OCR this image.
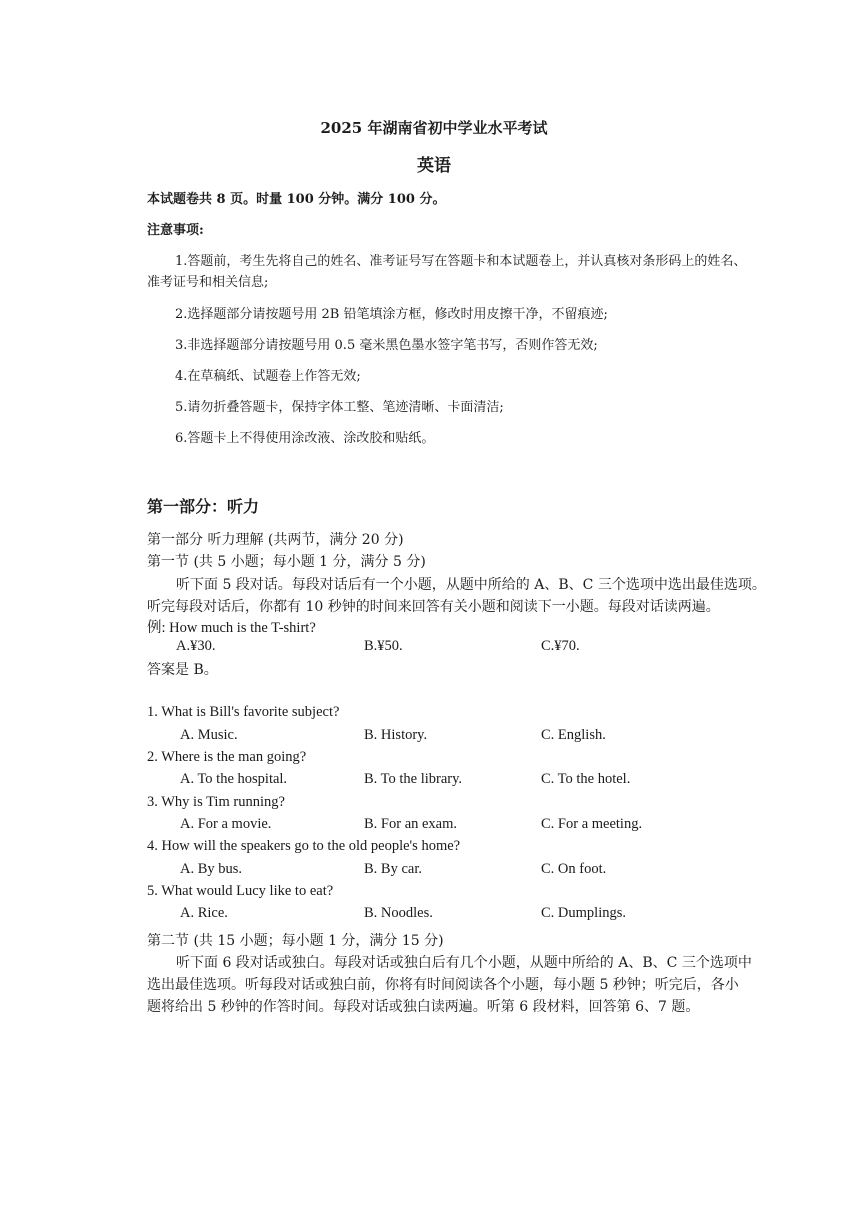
2025 年湖南省初中学业水平考试
英语
本试题卷共 8 页。时量 100 分钟。满分 100 分。
注意事项:
1.答题前，考生先将自己的姓名、准考证号写在答题卡和本试题卷上，并认真核对条形码上的姓名、
准考证号和相关信息;
2.选择题部分请按题号用 2B 铅笔填涂方框，修改时用皮擦干净，不留痕迹;
3.非选择题部分请按题号用 0.5 毫米黑色墨水签字笔书写，否则作答无效;
4.在草稿纸、试题卷上作答无效;
5.请勿折叠答题卡，保持字体工整、笔迹清晰、卡面清洁;
6.答题卡上不得使用涂改液、涂改胶和贴纸。
第一部分：听力
第一部分 听力理解 (共两节，满分 20 分)
第一节 (共 5 小题；每小题 1 分，满分 5 分)
听下面 5 段对话。每段对话后有一个小题，从题中所给的 A、B、C 三个选项中选出最佳选项。
听完每段对话后，你都有 10 秒钟的时间来回答有关小题和阅读下一小题。每段对话读两遍。
例: How much is the T-shirt?
A.¥30.	B.¥50.	C.¥70.
答案是 B。
1. What is Bill's favorite subject?
A. Music.	B. History.	C. English.
2. Where is the man going?
A. To the hospital.	B. To the library.	C. To the hotel.
3. Why is Tim running?
A. For a movie.	B. For an exam.	C. For a meeting.
4. How will the speakers go to the old people's home?
A. By bus.	B. By car.	C. On foot.
5. What would Lucy like to eat?
A. Rice.	B. Noodles.	C. Dumplings.
第二节 (共 15 小题；每小题 1 分，满分 15 分)
听下面 6 段对话或独白。每段对话或独白后有几个小题，从题中所给的 A、B、C 三个选项中
选出最佳选项。听每段对话或独白前，你将有时间阅读各个小题，每小题 5 秒钟；听完后，各小
题将给出 5 秒钟的作答时间。每段对话或独白读两遍。听第 6 段材料，回答第 6、7 题。
